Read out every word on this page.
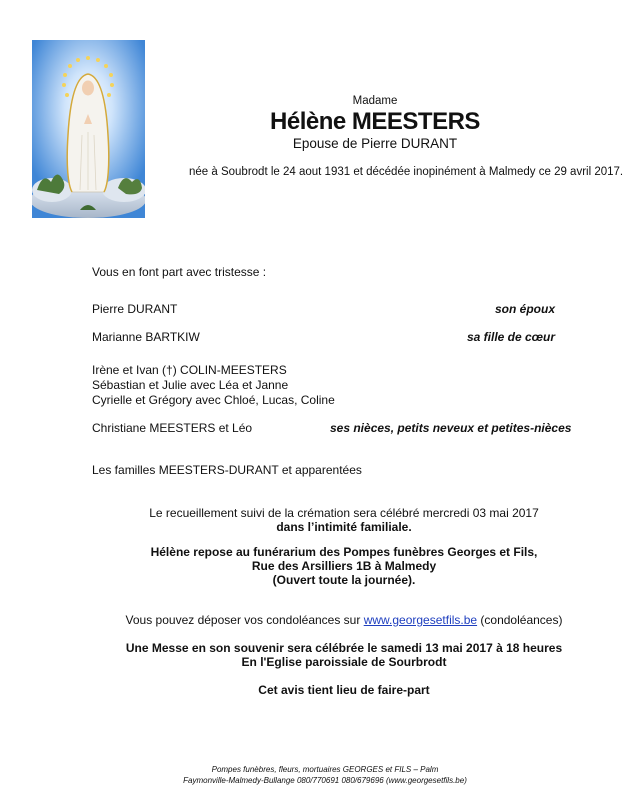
Madame
Hélène MEESTERS
Epouse de Pierre DURANT
née à Soubrodt le 24 aout 1931 et décédée inopinément à Malmedy ce 29 avril 2017.
Vous en font part avec tristesse :
Pierre DURANT	son époux
Marianne BARTKIW	sa fille de cœur
Irène et Ivan (†) COLIN-MEESTERS
Sébastian et Julie avec Léa et Janne
Cyrielle et Grégory avec Chloé, Lucas, Coline
Christiane MEESTERS et Léo	ses nièces, petits neveux et petites-nièces
Les familles MEESTERS-DURANT et apparentées
Le recueillement suivi de la crémation sera célébré mercredi 03 mai 2017
dans l’intimité familiale.
Hélène repose au funérarium des Pompes funèbres Georges et Fils,
Rue des Arsilliers 1B à Malmedy
(Ouvert toute la journée).
Vous pouvez déposer vos condoléances sur www.georgesetfils.be (condoléances)
Une Messe en son souvenir sera célébrée le samedi 13 mai 2017 à 18 heures
En l'Eglise paroissiale de Sourbrodt
Cet avis tient lieu de faire-part
Pompes funèbres, fleurs, mortuaires GEORGES et FILS – Palm
Faymonville-Malmedy-Bullange 080/770691 080/679696 (www.georgesetfils.be)
